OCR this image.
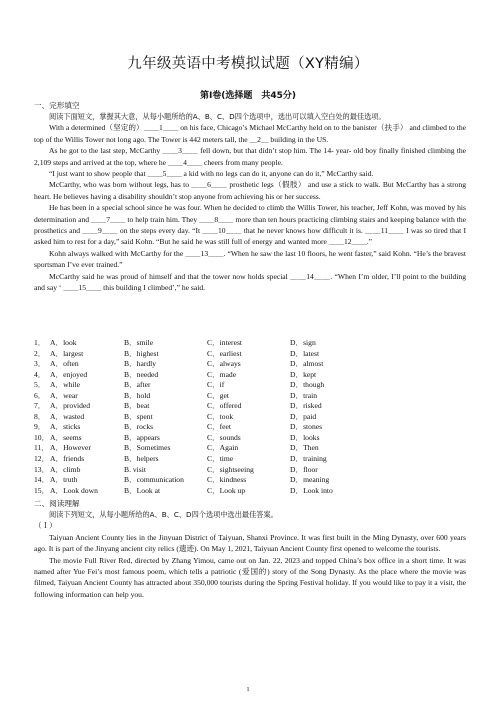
九年级英语中考模拟试题（XY精编）
第Ⅰ卷(选择题　共45分)
一、完形填空

阅读下面短文，掌握其大意，从每小题所给的A、B、C、D四个选项中，选出可以填入空白处的最佳选项。

With a determined（坚定的）＿＿1＿＿ on his face, Chicago’s Michael McCarthy held on to the banister（扶手） and climbed to the top of the Willis Tower not long ago. The Tower is 442 meters tall, the ＿2＿ building in the US.

As he got to the last step, McCarthy ＿＿3＿＿ fell down, but that didn’t stop him. The 14- year- old boy finally finished climbing the 2,109 steps and arrived at the top, where he ＿＿4＿＿ cheers from many people.

“I just want to show people that ＿＿5＿＿ a kid with no legs can do it, anyone can do it,” McCarthy said.

McCarthy, who was born without legs, has to ＿＿6＿＿ prosthetic legs（假肢） and use a stick to walk. But McCarthy has a strong heart. He believes having a disability shouldn’t stop anyone from achieving his or her success.

He has been in a special school since he was four. When he decided to climb the Willis Tower, his teacher, Jeff Kohn, was moved by his determination and ＿＿7＿＿ to help train him. They ＿＿8＿＿ more than ten hours practicing climbing stairs and keeping balance with the prosthetics and ＿＿9＿＿ on the steps every day. “It ＿＿10＿＿ that he never knows how difficult it is. ＿＿11＿＿ I was so tired that I asked him to rest for a day,” said Kohn. “But he said he was still full of energy and wanted more ＿＿12＿＿.”

Kohn always walked with McCarthy for the ＿＿13＿＿. “When he saw the last 10 floors, he went faster,” said Kohn. “He’s the bravest sportsman I’ve ever trained.”

McCarthy said he was proud of himself and that the tower now holds special ＿＿14＿＿. “When I’m older, I’ll point to the building and say ‘ ＿＿15＿＿ this building I climbed’,” he said.

1． A．look	B．smile	C．interest	D．sign
2． A．largest	B．highest	C．earliest	D．latest
3． A．often	B．hardly	C．always	D．almost
4． A．enjoyed	B．needed	C．made	D．kept
5． A．while	B．after	C．if	D．though
6． A．wear	B．hold	C．get	D．train
7． A．provided	B．beat	C．offered	D．risked
8． A．wasted	B．spent	C．took	D．paid
9． A．sticks	B．rocks	C．feet	D．stones
10． A．seems	B．appears	C．sounds	D．looks
11． A．However	B．Sometimes	C．Again	D．Then
12． A．friends	B．helpers	C．time	D．training
13． A．climb	B. visit	C．sightseeing	D．floor
14． A．truth	B．communication	C．kindness	D．meaning
15． A．Look down	B．Look at	C．Look up	D．Look into
二、阅读理解

阅读下列短文，从每小题所给的A、B、C、D四个选项中选出最佳答案。

（Ｉ）

Taiyuan Ancient County lies in the Jinyuan District of Taiyuan, Shanxi Province. It was first built in the Ming Dynasty, over 600 years ago. It is part of the Jinyang ancient city relics (遗迹). On May 1, 2021, Taiyuan Ancient County first opened to welcome the tourists.

The movie Full River Red, directed by Zhang Yimou, came out on Jan. 22, 2023 and topped China’s box office in a short time. It was named after Yue Fei’s most famous poem, which tells a patriotic (爱国的) story of the Song Dynasty. As the place where the movie was filmed, Taiyuan Ancient County has attracted about 350,000 tourists during the Spring Festival holiday. If you would like to pay it a visit, the following information can help you.

1
